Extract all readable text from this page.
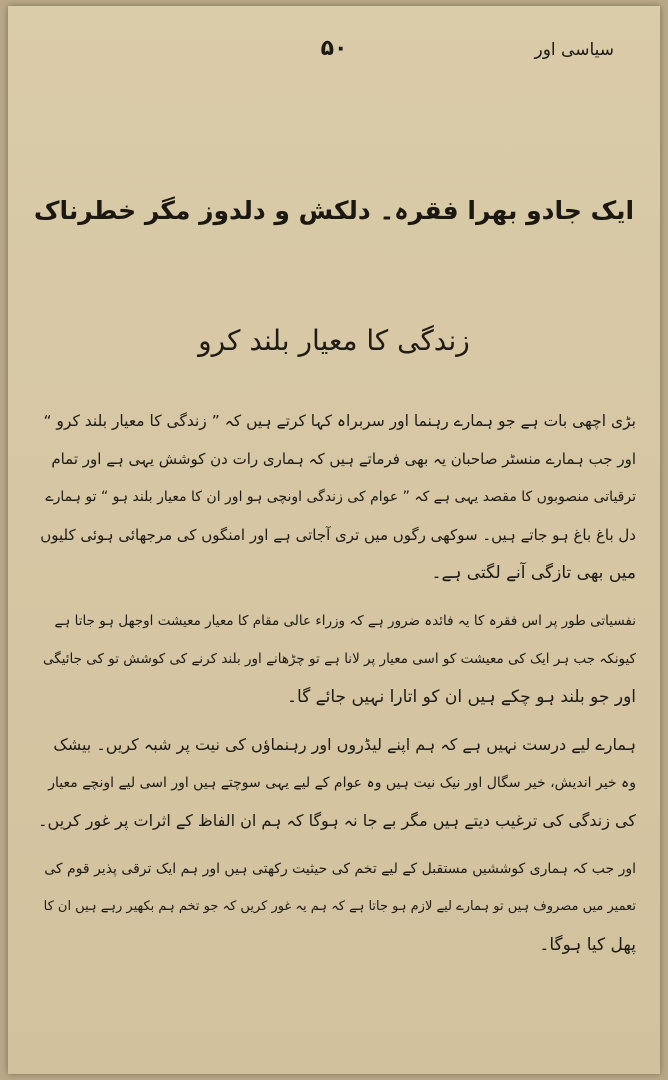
سیاسی اور
۵۰
ایک جادو بھرا فقرہ۔ دلکش و دلدوز مگر خطرناک
زندگی کا معیار بلند کرو
بڑی اچھی بات ہے جو ہمارے رہنما اور سربراہ کہا کرتے ہیں کہ ” زندگی کا معیار بلند کرو “
اور جب ہمارے منسٹر صاحبان یہ بھی فرماتے ہیں کہ ہماری رات دن کوشش یہی ہے اور تمام
ترقیاتی منصوبوں کا مقصد یہی ہے کہ ” عوام کی زندگی اونچی ہو اور ان کا معیار بلند ہو “ تو ہمارے
دل باغ باغ ہو جاتے ہیں۔ سوکھی رگوں میں تری آجاتی ہے اور امنگوں کی مرجھائی ہوئی کلیوں
میں بھی تازگی آنے لگتی ہے۔
نفسیاتی طور پر اس فقرہ کا یہ فائدہ ضرور ہے کہ وزراء عالی مقام کا معیار معیشت اوجھل ہو جاتا ہے
کیونکہ جب ہر ایک کی معیشت کو اسی معیار پر لانا ہے تو چڑھانے اور بلند کرنے کی کوشش تو کی جائیگی
اور جو بلند ہو چکے ہیں ان کو اتارا نہیں جائے گا۔
ہمارے لیے درست نہیں ہے کہ ہم اپنے لیڈروں اور رہنماؤں کی نیت پر شبہ کریں۔ بیشک
وہ خیر اندیش، خیر سگال اور نیک نیت ہیں وہ عوام کے لیے یہی سوچتے ہیں اور اسی لیے اونچے معیار
کی زندگی کی ترغیب دیتے ہیں مگر بے جا نہ ہوگا کہ ہم ان الفاظ کے اثرات پر غور کریں۔
اور جب کہ ہماری کوششیں مستقبل کے لیے تخم کی حیثیت رکھتی ہیں اور ہم ایک ترقی پذیر قوم کی
تعمیر میں مصروف ہیں تو ہمارے لیے لازم ہو جاتا ہے کہ ہم یہ غور کریں کہ جو تخم ہم بکھیر رہے ہیں ان کا
پھل کیا ہوگا۔
